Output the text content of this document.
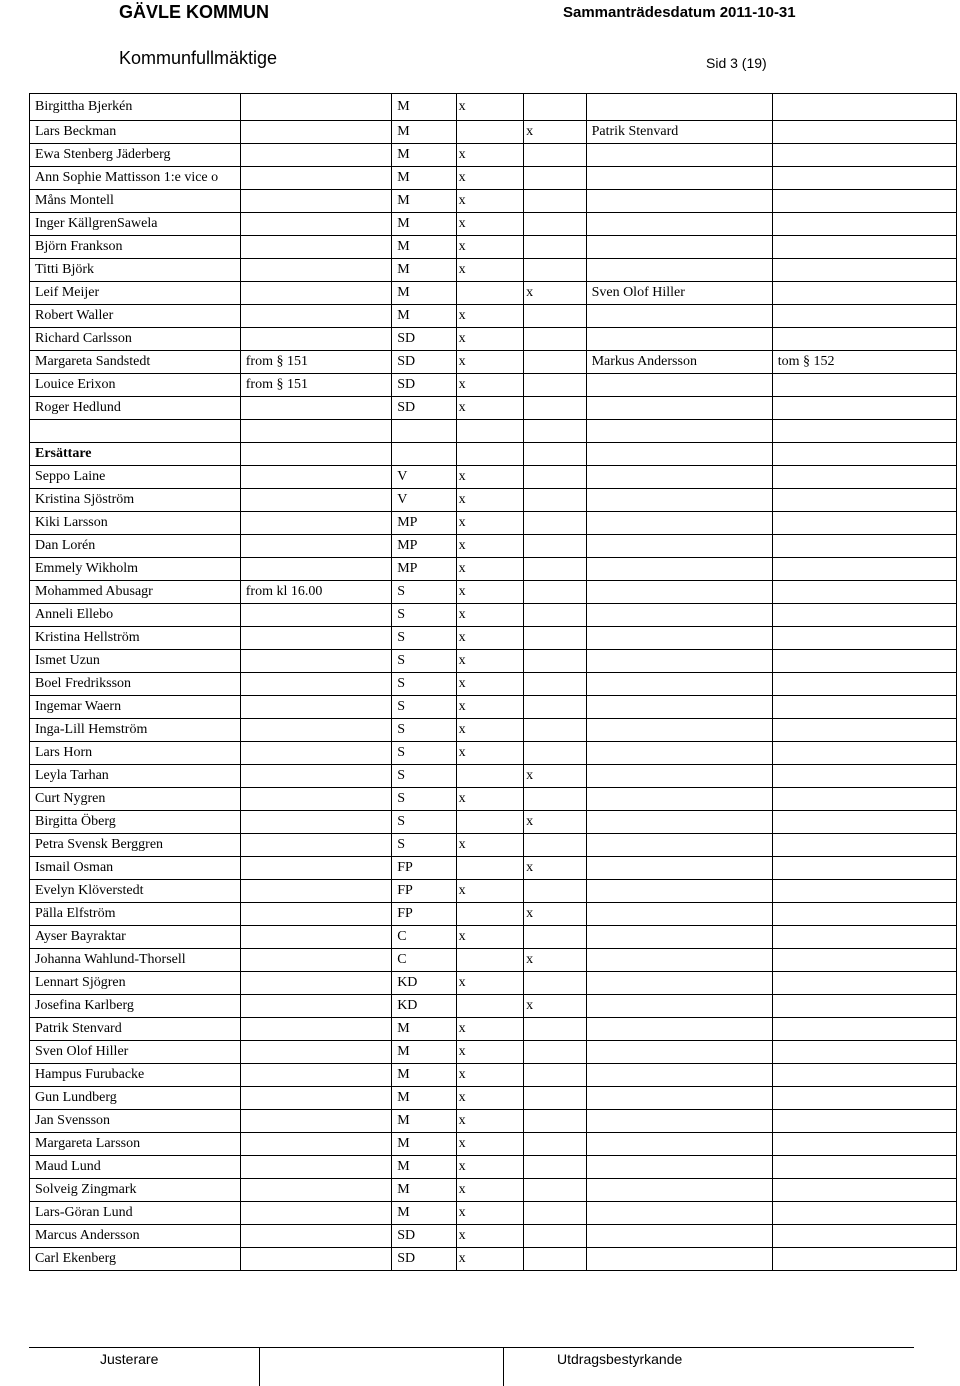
GÄVLE KOMMUN	Sammanträdesdatum 2011-10-31
Kommunfullmäktige	Sid 3 (19)
Birgittha Bjerkén		M	x			
Lars Beckman		M		x	Patrik Stenvard	
Ewa Stenberg Jäderberg		M	x			
Ann Sophie Mattisson 1:e vice o		M	x			
Måns Montell		M	x			
Inger KällgrenSawela		M	x			
Björn Frankson		M	x			
Titti Björk		M	x			
Leif Meijer		M		x	Sven Olof Hiller	
Robert Waller		M	x			
Richard Carlsson		SD	x			
Margareta Sandstedt	from § 151	SD	x		Markus Andersson	tom § 152
Louice Erixon	from § 151	SD	x			
Roger Hedlund		SD	x			

Ersättare						
Seppo Laine		V	x			
Kristina Sjöström		V	x			
Kiki Larsson		MP	x			
Dan Lorén		MP	x			
Emmely Wikholm		MP	x			
Mohammed Abusagr	from kl 16.00	S	x			
Anneli Ellebo		S	x			
Kristina Hellström		S	x			
Ismet Uzun		S	x			
Boel Fredriksson		S	x			
Ingemar Waern		S	x			
Inga-Lill Hemström		S	x			
Lars Horn		S	x			
Leyla Tarhan		S		x		
Curt Nygren		S	x			
Birgitta Öberg		S		x		
Petra Svensk Berggren		S	x			
Ismail Osman		FP		x		
Evelyn Klöverstedt		FP	x			
Pälla Elfström		FP		x		
Ayser Bayraktar		C	x			
Johanna Wahlund-Thorsell		C		x		
Lennart Sjögren		KD	x			
Josefina Karlberg		KD		x		
Patrik Stenvard		M	x			
Sven Olof Hiller		M	x			
Hampus Furubacke		M	x			
Gun Lundberg		M	x			
Jan Svensson		M	x			
Margareta Larsson		M	x			
Maud Lund		M	x			
Solveig Zingmark		M	x			
Lars-Göran Lund		M	x			
Marcus Andersson		SD	x			
Carl Ekenberg		SD	x			
Justerare	Utdragsbestyrkande
